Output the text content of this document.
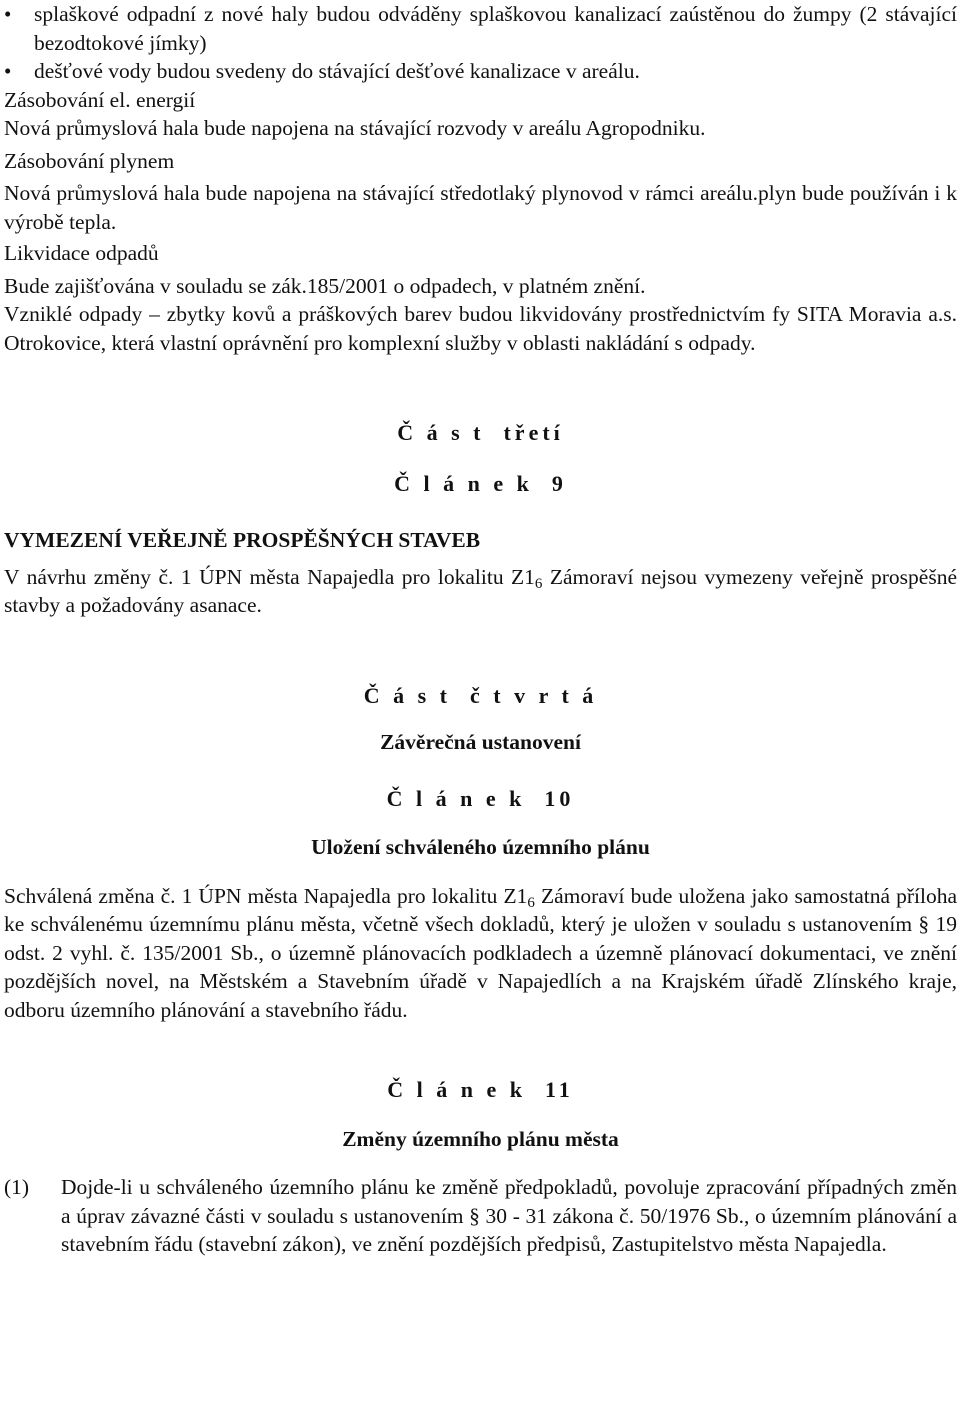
• splaškové odpadní z nové haly budou odváděny splaškovou kanalizací zaústěnou do žumpy (2 stávající bezodtokové jímky)
• dešťové vody budou svedeny do stávající dešťové kanalizace v areálu.

Zásobování el. energií

Nová průmyslová hala bude napojena na stávající rozvody v areálu Agropodniku.

Zásobování plynem

Nová průmyslová hala bude napojena na stávající středotlaký plynovod v rámci areálu.plyn bude používán i k výrobě tepla.

Likvidace odpadů

Bude zajišťována v souladu se zák.185/2001 o odpadech, v platném znění.

Vzniklé odpady – zbytky kovů a práškových barev budou likvidovány prostřednictvím fy SITA Moravia a.s. Otrokovice, která vlastní oprávnění pro komplexní služby v oblasti nakládání s odpady.

Č á s t  třetí

Č l á n e k  9

VYMEZENÍ VEŘEJNĚ PROSPĚŠNÝCH STAVEB

V návrhu změny č. 1 ÚPN města Napajedla pro lokalitu $Z1_6$ Zámoraví nejsou vymezeny veřejně prospěšné stavby a požadovány asanace.

Č á s t  č t v r t á

Závěrečná ustanovení

Č l á n e k  10

Uložení schváleného územního plánu

Schválená změna č. 1 ÚPN města Napajedla pro lokalitu $Z1_6$ Zámoraví bude uložena jako samostatná příloha ke schválenému územnímu plánu města, včetně všech dokladů, který je uložen v souladu s ustanovením § 19 odst. 2 vyhl. č. 135/2001 Sb., o územně plánovacích podkladech a územně plánovací dokumentaci, ve znění pozdějších novel, na Městském a Stavebním úřadě v Napajedlích a na Krajském úřadě Zlínského kraje, odboru územního plánování a stavebního řádu.

Č l á n e k  11

Změny územního plánu města

(1)	Dojde-li u schváleného územního plánu ke změně předpokladů, povoluje zpracování případných změn a úprav závazné části v souladu s ustanovením § 30 - 31 zákona č. 50/1976 Sb., o územním plánování a stavebním řádu (stavební zákon), ve znění pozdějších předpisů, Zastupitelstvo města Napajedla.
